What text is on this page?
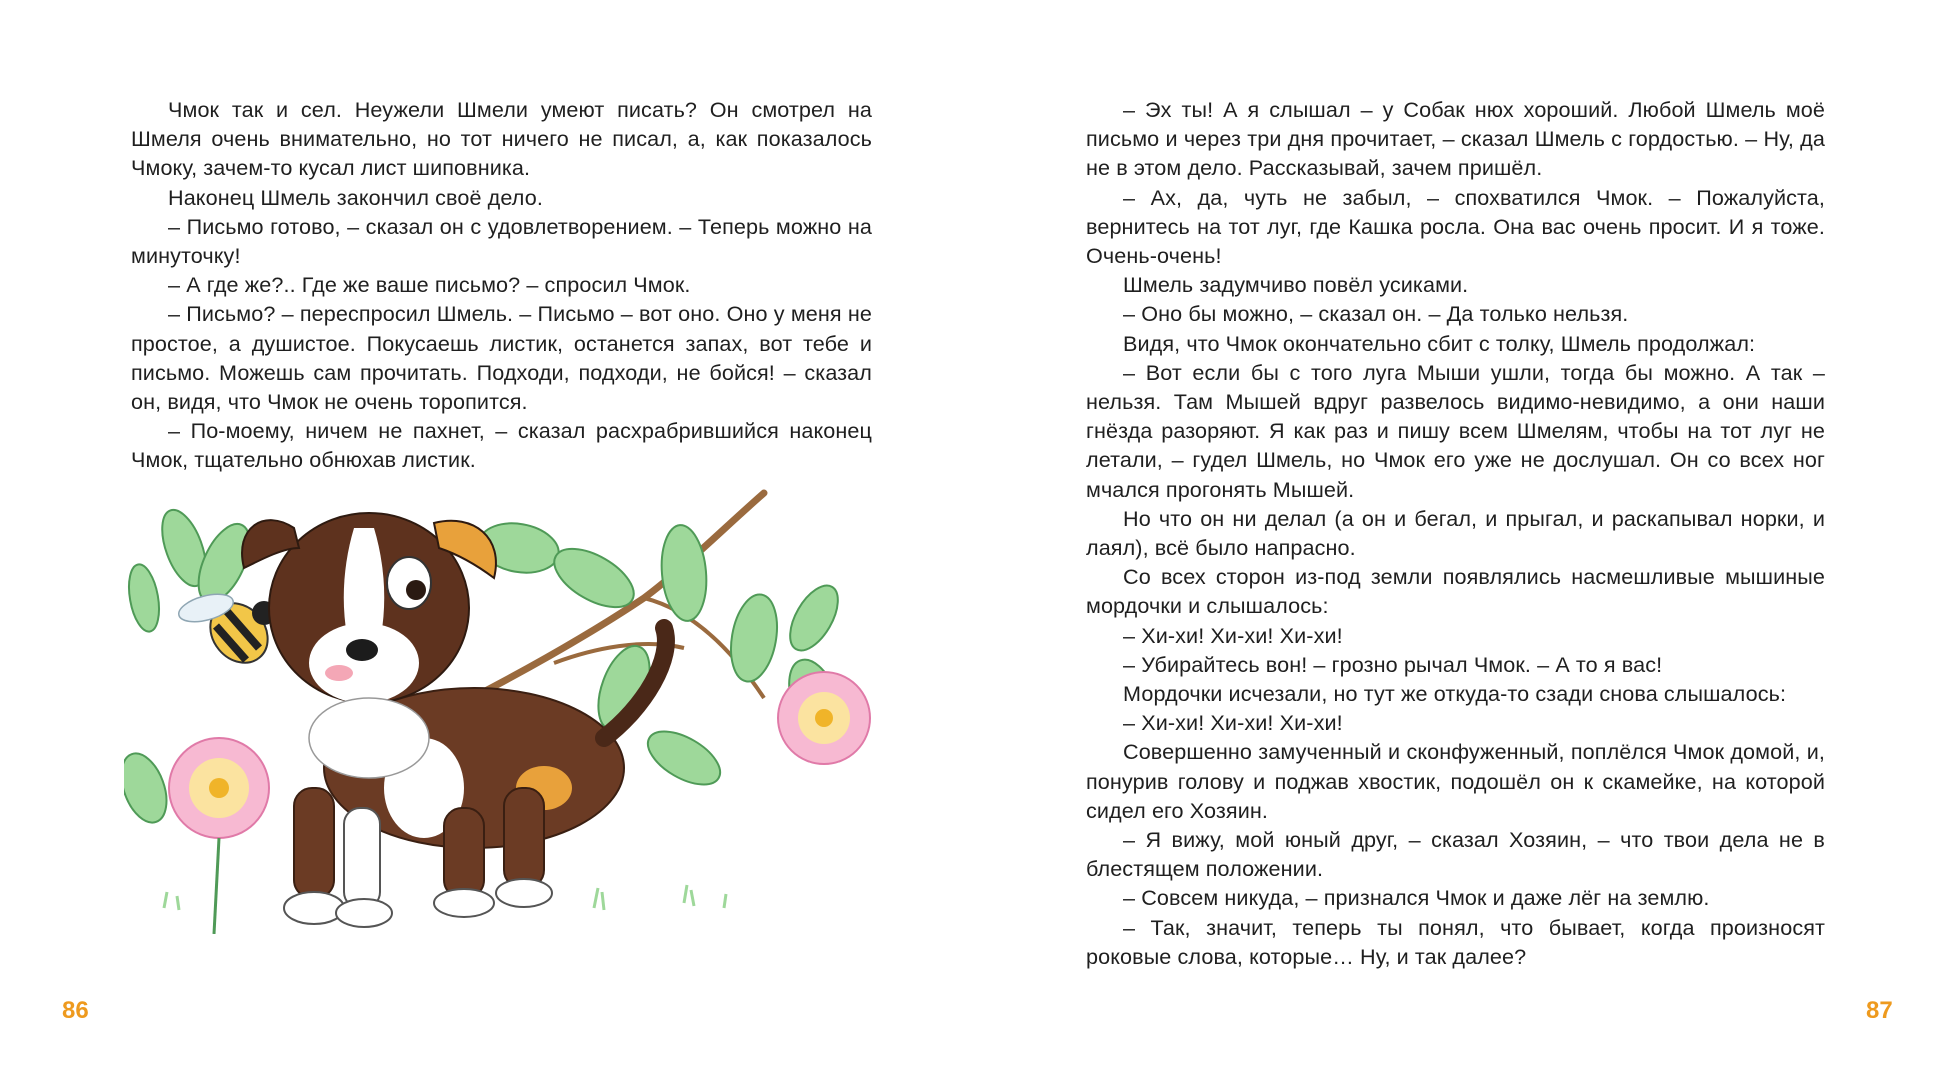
Чмок так и сел. Неужели Шмели умеют писать? Он смотрел на Шмеля очень внимательно, но тот ничего не писал, а, как показалось Чмоку, зачем-то кусал лист шиповника.

Наконец Шмель закончил своё дело.

– Письмо готово, – сказал он с удовлетворением. – Теперь можно на минуточку!

– А где же?.. Где же ваше письмо? – спросил Чмок.

– Письмо? – переспросил Шмель. – Письмо – вот оно. Оно у меня не простое, а душистое. Покусаешь листик, останется запах, вот тебе и письмо. Можешь сам прочитать. Подходи, подходи, не бойся! – сказал он, видя, что Чмок не очень торопится.

– По-моему, ничем не пахнет, – сказал расхрабрившийся наконец Чмок, тщательно обнюхав листик.

86

– Эх ты! А я слышал – у Собак нюх хороший. Любой Шмель моё письмо и через три дня прочитает, – сказал Шмель с гордостью. – Ну, да не в этом дело. Рассказывай, зачем пришёл.

– Ах, да, чуть не забыл, – спохватился Чмок. – Пожалуйста, вернитесь на тот луг, где Кашка росла. Она вас очень просит. И я тоже. Очень-очень!

Шмель задумчиво повёл усиками.

– Оно бы можно, – сказал он. – Да только нельзя.

Видя, что Чмок окончательно сбит с толку, Шмель продолжал:

– Вот если бы с того луга Мыши ушли, тогда бы можно. А так – нельзя. Там Мышей вдруг развелось видимо-невидимо, а они наши гнёзда разоряют. Я как раз и пишу всем Шмелям, чтобы на тот луг не летали, – гудел Шмель, но Чмок его уже не дослушал. Он со всех ног мчался прогонять Мышей.

Но что он ни делал (а он и бегал, и прыгал, и раскапывал норки, и лаял), всё было напрасно.

Со всех сторон из-под земли появлялись насмешливые мышиные мордочки и слышалось:

– Хи-хи! Хи-хи! Хи-хи!

– Убирайтесь вон! – грозно рычал Чмок. – А то я вас!

Мордочки исчезали, но тут же откуда-то сзади снова слышалось:

– Хи-хи! Хи-хи! Хи-хи!

Совершенно замученный и сконфуженный, поплёлся Чмок домой, и, понурив голову и поджав хвостик, подошёл он к скамейке, на которой сидел его Хозяин.

– Я вижу, мой юный друг, – сказал Хозяин, – что твои дела не в блестящем положении.

– Совсем никуда, – признался Чмок и даже лёг на землю.

– Так, значит, теперь ты понял, что бывает, когда произносят роковые слова, которые… Ну, и так далее?

87
